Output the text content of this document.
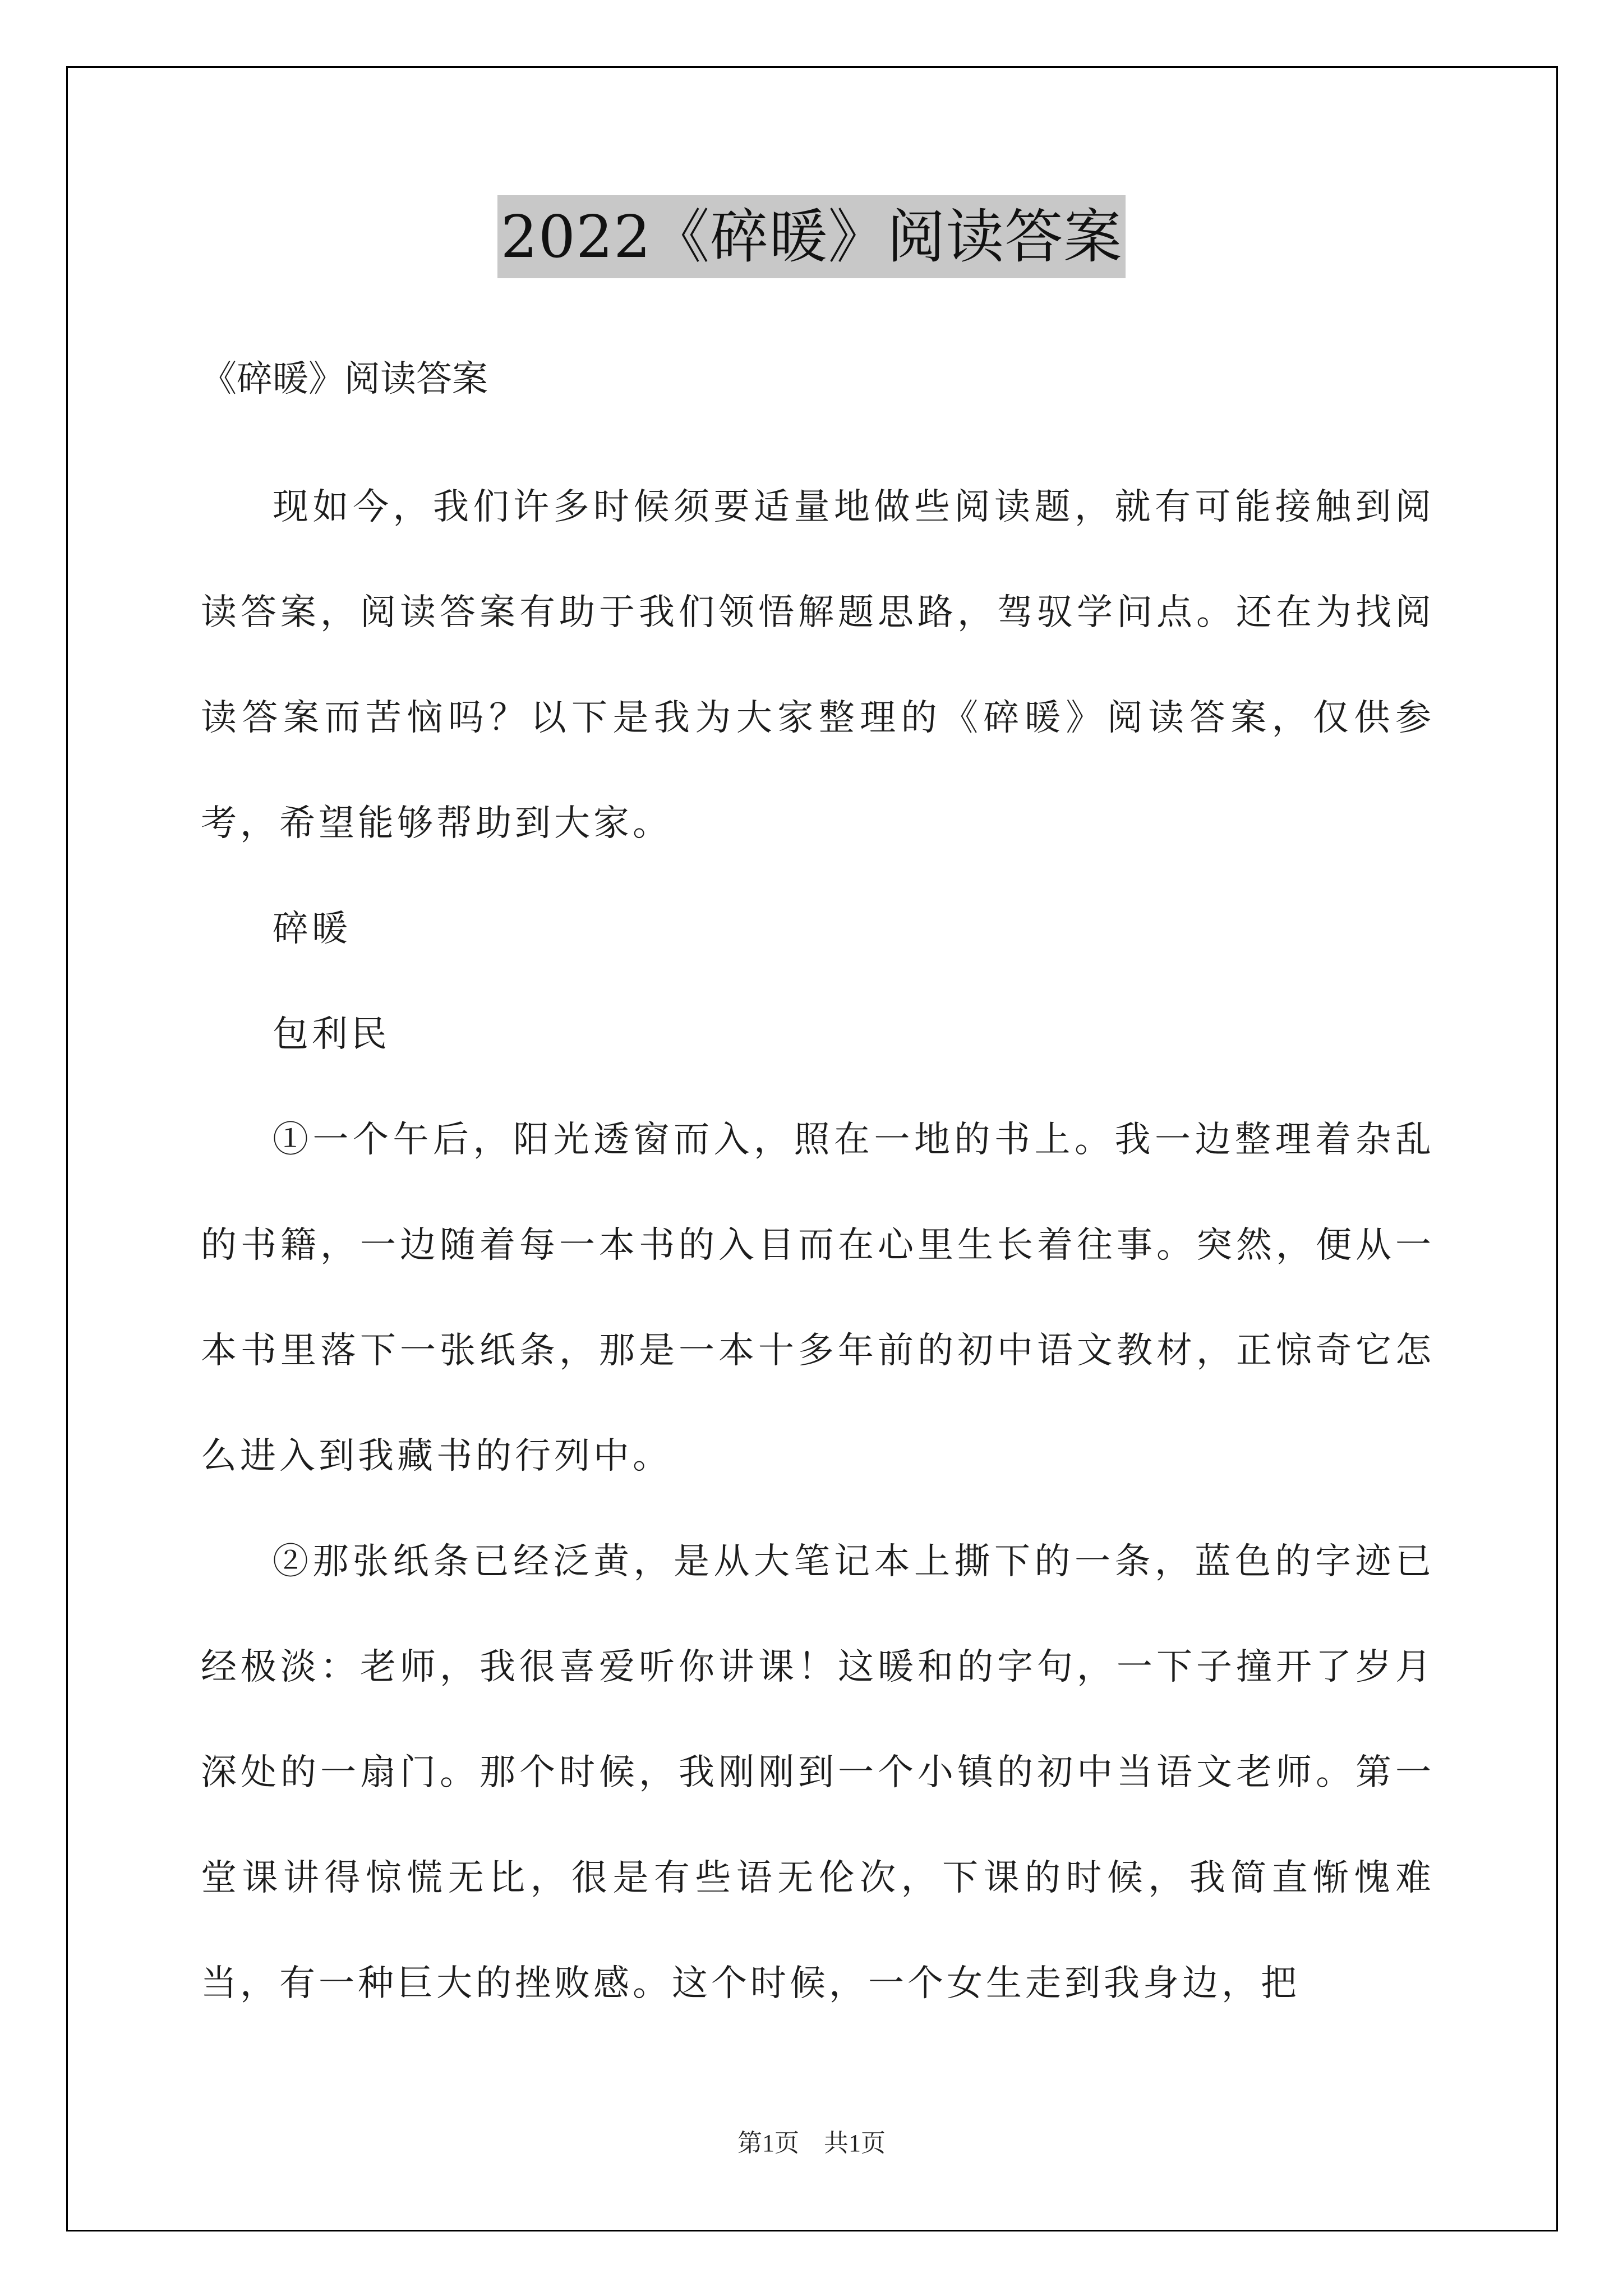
2022《碎暖》阅读答案
《碎暖》阅读答案

现如今，我们许多时候须要适量地做些阅读题，就有可能接触到阅读答案，阅读答案有助于我们领悟解题思路，驾驭学问点。还在为找阅读答案而苦恼吗？以下是我为大家整理的《碎暖》阅读答案，仅供参考，希望能够帮助到大家。

碎暖

包利民

①一个午后，阳光透窗而入，照在一地的书上。我一边整理着杂乱的书籍，一边随着每一本书的入目而在心里生长着往事。突然，便从一本书里落下一张纸条，那是一本十多年前的初中语文教材，正惊奇它怎么进入到我藏书的行列中。

②那张纸条已经泛黄，是从大笔记本上撕下的一条，蓝色的字迹已经极淡：老师，我很喜爱听你讲课！这暖和的字句，一下子撞开了岁月深处的一扇门。那个时候，我刚刚到一个小镇的初中当语文老师。第一堂课讲得惊慌无比，很是有些语无伦次，下课的时候，我简直惭愧难当，有一种巨大的挫败感。这个时候，一个女生走到我身边，把

第1页 共1页
